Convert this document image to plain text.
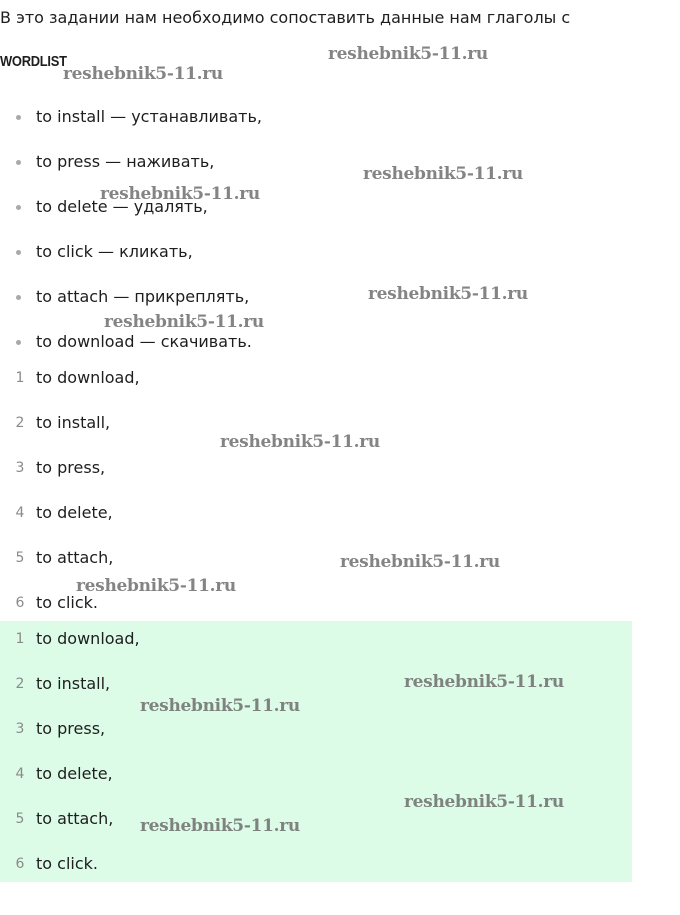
В это задании нам необходимо сопоставить данные нам глаголы с
WORDLIST
to install — устанавливать,
to press — наживать,
to delete — удалять,
to click — кликать,
to attach — прикреплять,
to download — скачивать.
1 to download,
2 to install,
3 to press,
4 to delete,
5 to attach,
6 to click.
1 to download,
2 to install,
3 to press,
4 to delete,
5 to attach,
6 to click.
reshebnik5-11.ru
reshebnik5-11.ru
reshebnik5-11.ru
reshebnik5-11.ru
reshebnik5-11.ru
reshebnik5-11.ru
reshebnik5-11.ru
reshebnik5-11.ru
reshebnik5-11.ru
reshebnik5-11.ru
reshebnik5-11.ru
reshebnik5-11.ru
reshebnik5-11.ru
